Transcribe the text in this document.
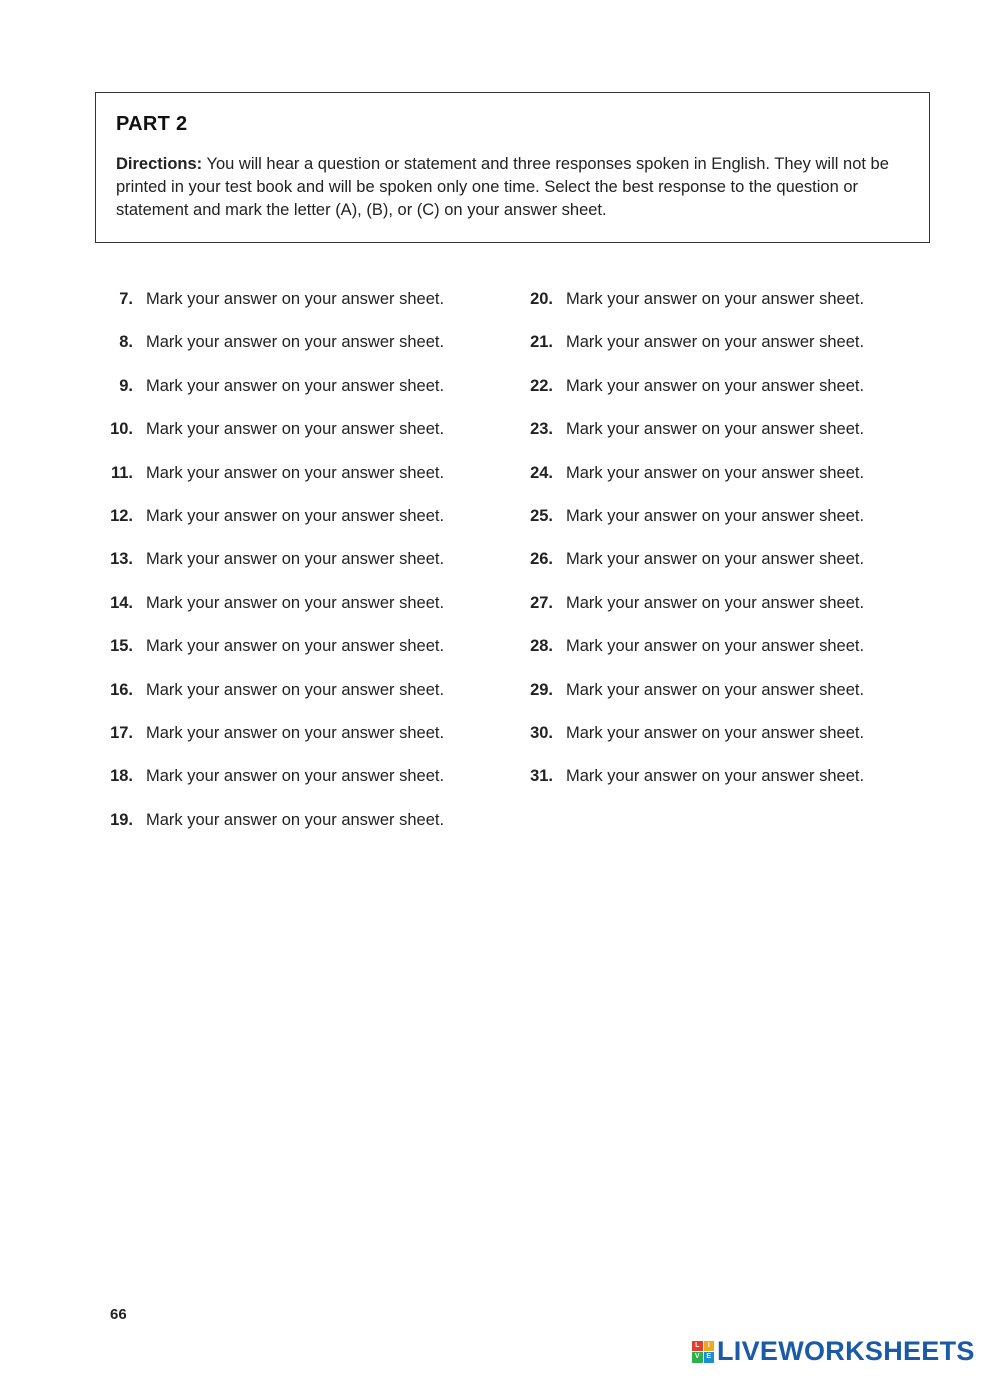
PART 2

Directions: You will hear a question or statement and three responses spoken in English. They will not be printed in your test book and will be spoken only one time. Select the best response to the question or statement and mark the letter (A), (B), or (C) on your answer sheet.

7. Mark your answer on your answer sheet.
8. Mark your answer on your answer sheet.
9. Mark your answer on your answer sheet.
10. Mark your answer on your answer sheet.
11. Mark your answer on your answer sheet.
12. Mark your answer on your answer sheet.
13. Mark your answer on your answer sheet.
14. Mark your answer on your answer sheet.
15. Mark your answer on your answer sheet.
16. Mark your answer on your answer sheet.
17. Mark your answer on your answer sheet.
18. Mark your answer on your answer sheet.
19. Mark your answer on your answer sheet.
20. Mark your answer on your answer sheet.
21. Mark your answer on your answer sheet.
22. Mark your answer on your answer sheet.
23. Mark your answer on your answer sheet.
24. Mark your answer on your answer sheet.
25. Mark your answer on your answer sheet.
26. Mark your answer on your answer sheet.
27. Mark your answer on your answer sheet.
28. Mark your answer on your answer sheet.
29. Mark your answer on your answer sheet.
30. Mark your answer on your answer sheet.
31. Mark your answer on your answer sheet.
66
L	I
V E LIVEWORKSHEETS
